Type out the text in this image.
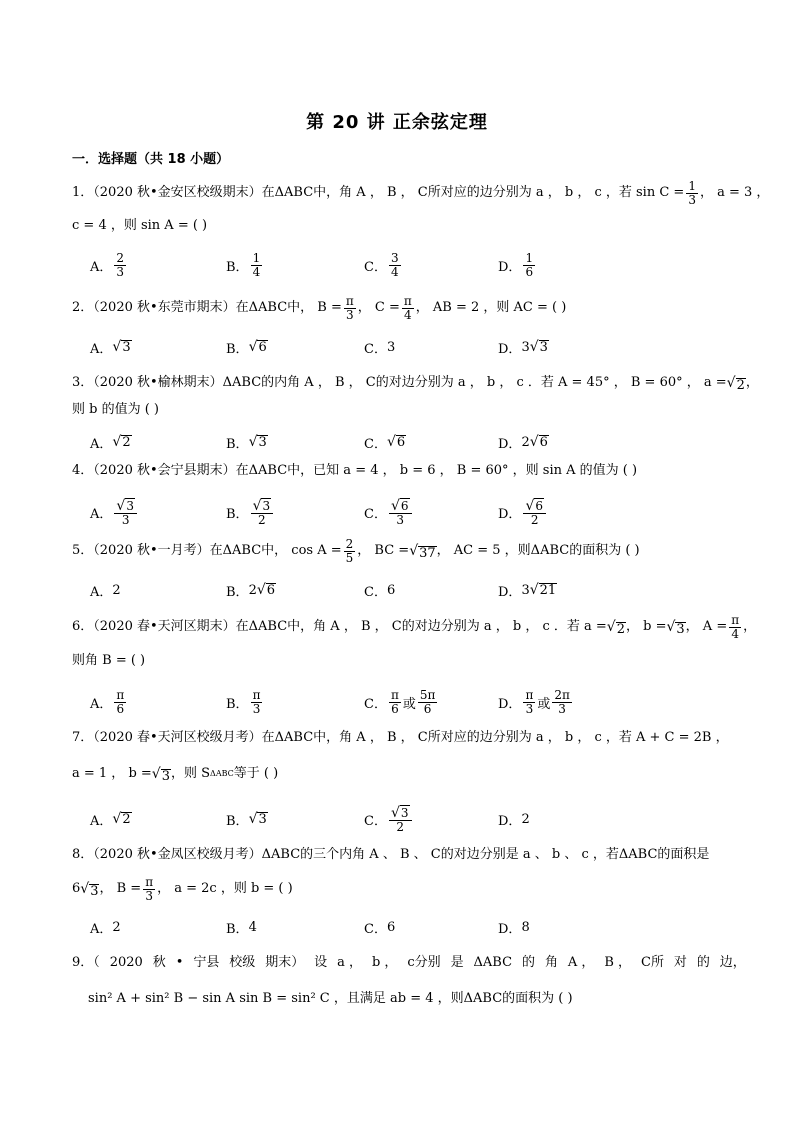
第 20 讲 正余弦定理
一．选择题（共 18 小题）
1．（2020 秋•金安区校级期末）在ΔABC中，角 A ， B ， C所对应的边分别为 a ， b ， c ，若 $\sin C = \frac{1}{3}$ ， a = 3 ，
c = 4 ，则 sin A = ( )
A． $\frac{2}{3}$	B． $\frac{1}{4}$	C． $\frac{3}{4}$	D． $\frac{1}{6}$
2．（2020 秋•东莞市期末）在ΔABC中， $B = \frac{\pi}{3}$ ， $C = \frac{\pi}{4}$ ， AB = 2 ，则 AC = ( )
A． √ 3	B． √ 6	C． 3	D． 3 √ 3
3．（2020 秋•榆林期末）ΔABC的内角 A ， B ， C的对边分别为 a ， b ， c ．若 A = 45° ， B = 60° ， a = √ 2 ，
则 b 的值为 ( )
A． √ 2	B． √ 3	C． √ 6	D． 2 √ 6
4．（2020 秋•会宁县期末）在ΔABC中，已知 a = 4 ， b = 6 ， B = 60° ，则 sin A 的值为 ( )
A． $\frac{√ 3}{3}$	B． $\frac{√ 3}{2}$	C． $\frac{√ 6}{3}$	D． $\frac{√ 6}{2}$
5．（2020 秋•一月考）在ΔABC中， $\cos A = \frac{2}{5}$ ， BC = √ 37 ， AC = 5 ，则ΔABC的面积为 ( )
A． 2	B． 2 √ 6	C． 6	D． 3 √ 21
6．（2020 春•天河区期末）在ΔABC中，角 A ， B ， C的对边分别为 a ， b ， c ．若 a = √ 2 ， b = √ 3 ， $A = \frac{\pi}{4}$ ，
则角 B = ( )
A． $\frac{\pi}{6}$	B． $\frac{\pi}{3}$	C． $\frac{\pi}{6}$ 或 $\frac{5\pi}{6}$	D． $\frac{\pi}{3}$ 或 $\frac{2\pi}{3}$
7．（2020 春•天河区校级月考）在ΔABC中，角 A ， B ， C所对应的边分别为 a ， b ， c ，若 A + C = 2B ，
a = 1 ， b = √ 3 ，则 S ΔABC 等于 ( )
A． √ 2	B． √ 3	C． $\frac{√ 3}{2}$	D． 2
8．（2020 秋•金凤区校级月考）ΔABC的三个内角 A 、 B 、 C的对边分别是 a 、 b 、 c ，若ΔABC的面积是
6 √ 3 ， $B = \frac{\pi}{3}$ ， a = 2c ，则 b = ( )
A． 2	B． 4	C． 6	D． 8
9．（ 2020 秋 • 宁县 校级 期末） 设 a ， b ， c分别 是 ΔABC 的 角 A ， B ， C所 对 的 边，
sin² A + sin² B − sin A sin B = sin² C ，且满足 ab = 4 ，则ΔABC的面积为 ( )
